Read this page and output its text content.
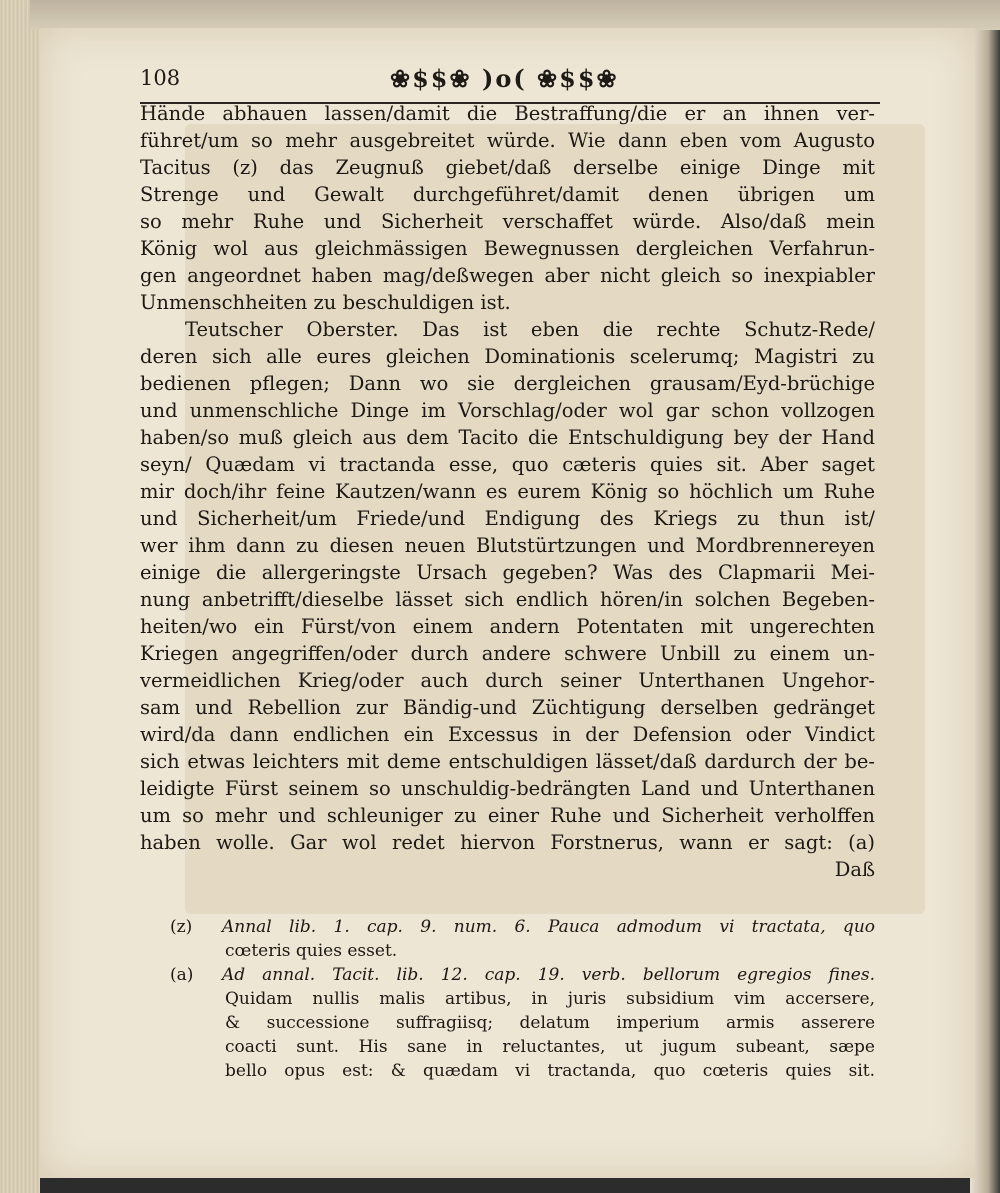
108	❀$$❀ )o( ❀$$❀
Hände abhauen lassen/damit die Bestraffung/die er an ihnen ver-
führet/um so mehr ausgebreitet würde. Wie dann eben vom Augusto
Tacitus (z) das Zeugnuß giebet/daß derselbe einige Dinge mit
Strenge und Gewalt durchgeführet/damit denen übrigen um
so mehr Ruhe und Sicherheit verschaffet würde. Also/daß mein
König wol aus gleichmässigen Bewegnussen dergleichen Verfahrun-
gen angeordnet haben mag/deßwegen aber nicht gleich so inexpiabler
Unmenschheiten zu beschuldigen ist.
Teutscher Oberster. Das ist eben die rechte Schutz-Rede/
deren sich alle eures gleichen Dominationis scelerumq; Magistri zu
bedienen pflegen; Dann wo sie dergleichen grausam/Eyd-brüchige
und unmenschliche Dinge im Vorschlag/oder wol gar schon vollzogen
haben/so muß gleich aus dem Tacito die Entschuldigung bey der Hand
seyn/ Quædam vi tractanda esse, quo cæteris quies sit. Aber saget
mir doch/ihr feine Kautzen/wann es eurem König so höchlich um Ruhe
und Sicherheit/um Friede/und Endigung des Kriegs zu thun ist/
wer ihm dann zu diesen neuen Blutstürtzungen und Mordbrennereyen
einige die allergeringste Ursach gegeben? Was des Clapmarii Mei-
nung anbetrifft/dieselbe lässet sich endlich hören/in solchen Begeben-
heiten/wo ein Fürst/von einem andern Potentaten mit ungerechten
Kriegen angegriffen/oder durch andere schwere Unbill zu einem un-
vermeidlichen Krieg/oder auch durch seiner Unterthanen Ungehor-
sam und Rebellion zur Bändig-und Züchtigung derselben gedränget
wird/da dann endlichen ein Excessus in der Defension oder Vindict
sich etwas leichters mit deme entschuldigen lässet/daß dardurch der be-
leidigte Fürst seinem so unschuldig-bedrängten Land und Unterthanen
um so mehr und schleuniger zu einer Ruhe und Sicherheit verholffen
haben wolle. Gar wol redet hiervon Forstnerus, wann er sagt: (a)
Daß
(z) Annal lib. 1. cap. 9. num. 6. Pauca admodum vi tractata, quo
cœteris quies esset.
(a) Ad annal. Tacit. lib. 12. cap. 19. verb. bellorum egregios fines.
Quidam nullis malis artibus, in juris subsidium vim accersere,
& successione suffragiisq; delatum imperium armis asserere
coacti sunt. His sane in reluctantes, ut jugum subeant, sæpe
bello opus est: & quædam vi tractanda, quo cœteris quies sit.
